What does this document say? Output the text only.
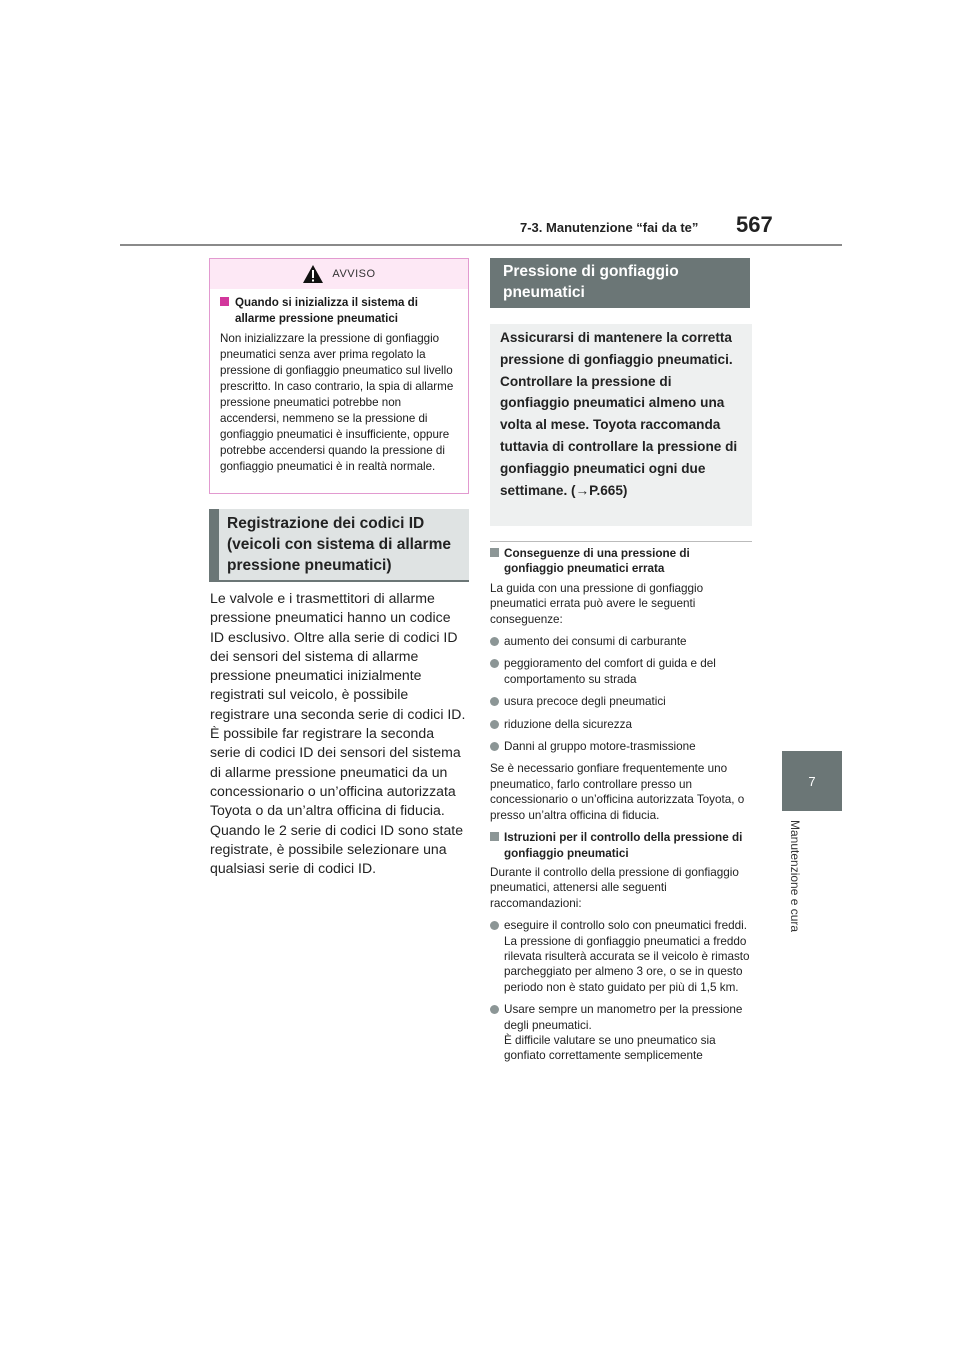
7-3. Manutenzione “fai da te” 567
7
Manutenzione e cura
AVVISO
Quando si inizializza il sistema di allarme pressione pneumatici
Non inizializzare la pressione di gonfiaggio pneumatici senza aver prima regolato la pressione di gonfiaggio pneumatico sul livello prescritto. In caso contrario, la spia di allarme pressione pneumatici potrebbe non accendersi, nemmeno se la pressione di gonfiaggio pneumatici è insufficiente, oppure potrebbe accendersi quando la pressione di gonfiaggio pneumatici è in realtà normale.
Registrazione dei codici ID (veicoli con sistema di allarme pressione pneumatici)
Le valvole e i trasmettitori di allarme pressione pneumatici hanno un codice ID esclusivo. Oltre alla serie di codici ID dei sensori del sistema di allarme pressione pneumatici inizialmente registrati sul veicolo, è possibile registrare una seconda serie di codici ID. È possibile far registrare la seconda serie di codici ID dei sensori del sistema di allarme pressione pneumatici da un concessionario o un’officina autorizzata Toyota o da un’altra officina di fiducia. Quando le 2 serie di codici ID sono state registrate, è possibile selezionare una qualsiasi serie di codici ID.
Pressione di gonfiaggio pneumatici
Assicurarsi di mantenere la corretta pressione di gonfiaggio pneumatici. Controllare la pressione di gonfiaggio pneumatici almeno una volta al mese. Toyota raccomanda tuttavia di controllare la pressione di gonfiaggio pneumatici ogni due settimane. (→P.665)
Conseguenze di una pressione di gonfiaggio pneumatici errata
La guida con una pressione di gonfiaggio pneumatici errata può avere le seguenti conseguenze:
aumento dei consumi di carburante
peggioramento del comfort di guida e del comportamento su strada
usura precoce degli pneumatici
riduzione della sicurezza
Danni al gruppo motore-trasmissione
Se è necessario gonfiare frequentemente uno pneumatico, farlo controllare presso un concessionario o un’officina autorizzata Toyota, o presso un’altra officina di fiducia.
Istruzioni per il controllo della pressione di gonfiaggio pneumatici
Durante il controllo della pressione di gonfiaggio pneumatici, attenersi alle seguenti raccomandazioni:
eseguire il controllo solo con pneumatici freddi.
La pressione di gonfiaggio pneumatici a freddo rilevata risulterà accurata se il veicolo è rimasto parcheggiato per almeno 3 ore, o se in questo periodo non è stato guidato per più di 1,5 km.
Usare sempre un manometro per la pressione degli pneumatici.
È difficile valutare se uno pneumatico sia gonfiato correttamente semplicemente
